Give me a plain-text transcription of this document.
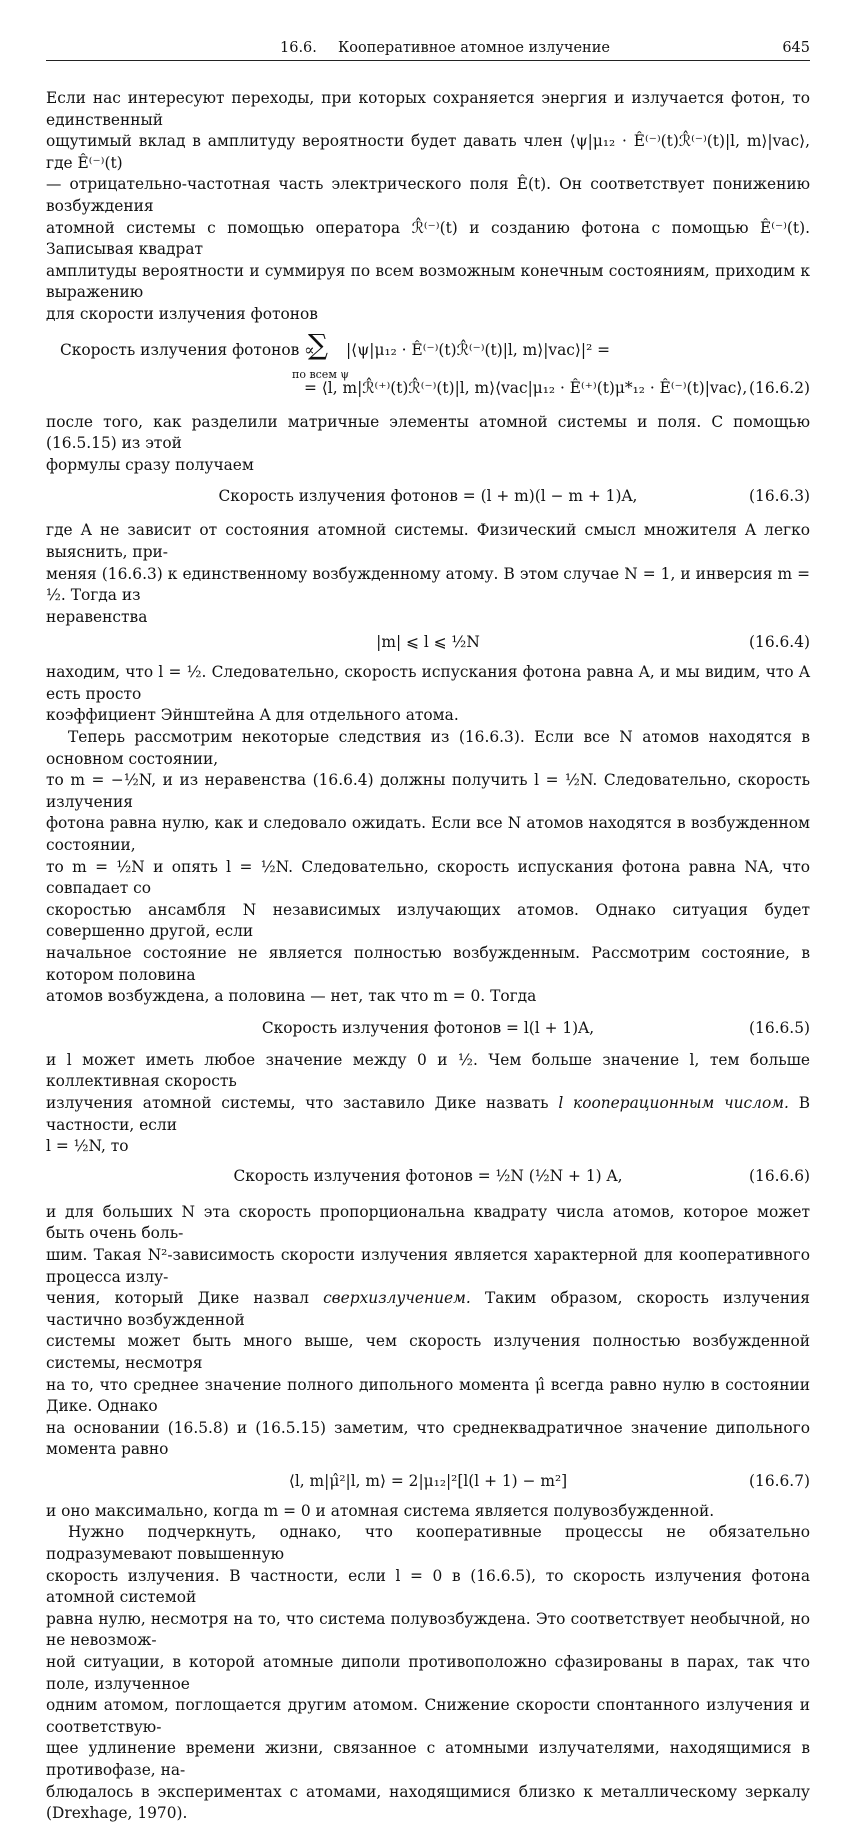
16.6. Кооперативное атомное излучение	645

Если нас интересуют переходы, при которых сохраняется энергия и излучается фотон, то единственный

ощутимый вклад в амплитуду вероятности будет давать член ⟨ψ|μ₁₂ · Ê⁽⁻⁾(t)ℛ̂⁽⁻⁾(t)|l, m⟩|vac⟩, где Ê⁽⁻⁾(t)

— отрицательно-частотная часть электрического поля Ê(t). Он соответствует понижению возбуждения

атомной системы с помощью оператора ℛ̂⁽⁻⁾(t) и созданию фотона с помощью Ê⁽⁻⁾(t). Записывая квадрат

амплитуды вероятности и суммируя по всем возможным конечным состояниям, приходим к выражению

для скорости излучения фотонов

Скорость излучения фотонов ∝
∑
по всем ψ
|⟨ψ|μ₁₂ · Ê⁽⁻⁾(t)ℛ̂⁽⁻⁾(t)|l, m⟩|vac⟩|² =
= ⟨l, m|ℛ̂⁽⁺⁾(t)ℛ̂⁽⁻⁾(t)|l, m⟩⟨vac|μ₁₂ · Ê⁽⁺⁾(t)μ*₁₂ · Ê⁽⁻⁾(t)|vac⟩, (16.6.2)

после того, как разделили матричные элементы атомной системы и поля. С помощью (16.5.15) из этой

формулы сразу получаем

Скорость излучения фотонов = (l + m)(l − m + 1)A,	(16.6.3)

где A не зависит от состояния атомной системы. Физический смысл множителя A легко выяснить, при-

меняя (16.6.3) к единственному возбужденному атому. В этом случае N = 1, и инверсия m = ½. Тогда из

неравенства

|m| ⩽ l ⩽ ½N	(16.6.4)

находим, что l = ½. Следовательно, скорость испускания фотона равна A, и мы видим, что A есть просто

коэффициент Эйнштейна A для отдельного атома.

Теперь рассмотрим некоторые следствия из (16.6.3). Если все N атомов находятся в основном состоянии,

то m = −½N, и из неравенства (16.6.4) должны получить l = ½N. Следовательно, скорость излучения

фотона равна нулю, как и следовало ожидать. Если все N атомов находятся в возбужденном состоянии,

то m = ½N и опять l = ½N. Следовательно, скорость испускания фотона равна NA, что совпадает со

скоростью ансамбля N независимых излучающих атомов. Однако ситуация будет совершенно другой, если

начальное состояние не является полностью возбужденным. Рассмотрим состояние, в котором половина

атомов возбуждена, а половина — нет, так что m = 0. Тогда

Скорость излучения фотонов = l(l + 1)A,	(16.6.5)

и l может иметь любое значение между 0 и ½. Чем больше значение l, тем больше коллективная скорость

излучения атомной системы, что заставило Дике назвать l кооперационным числом. В частности, если

l = ½N, то

Скорость излучения фотонов = ½N (½N + 1) A,	(16.6.6)

и для больших N эта скорость пропорциональна квадрату числа атомов, которое может быть очень боль-

шим. Такая N²-зависимость скорости излучения является характерной для кооперативного процесса излу-

чения, который Дике назвал сверхизлучением. Таким образом, скорость излучения частично возбужденной

системы может быть много выше, чем скорость излучения полностью возбужденной системы, несмотря

на то, что среднее значение полного дипольного момента μ̂ всегда равно нулю в состоянии Дике. Однако

на основании (16.5.8) и (16.5.15) заметим, что среднеквадратичное значение дипольного момента равно

⟨l, m|μ̂²|l, m⟩ = 2|μ₁₂|²[l(l + 1) − m²]	(16.6.7)

и оно максимально, когда m = 0 и атомная система является полувозбужденной.

Нужно подчеркнуть, однако, что кооперативные процессы не обязательно подразумевают повышенную

скорость излучения. В частности, если l = 0 в (16.6.5), то скорость излучения фотона атомной системой

равна нулю, несмотря на то, что система полувозбуждена. Это соответствует необычной, но не невозмож-

ной ситуации, в которой атомные диполи противоположно сфазированы в парах, так что поле, излученное

одним атомом, поглощается другим атомом. Снижение скорости спонтанного излучения и соответствую-

щее удлинение времени жизни, связанное с атомными излучателями, находящимися в противофазе, на-

блюдалось в экспериментах с атомами, находящимися близко к металлическому зеркалу (Drexhage, 1970).
